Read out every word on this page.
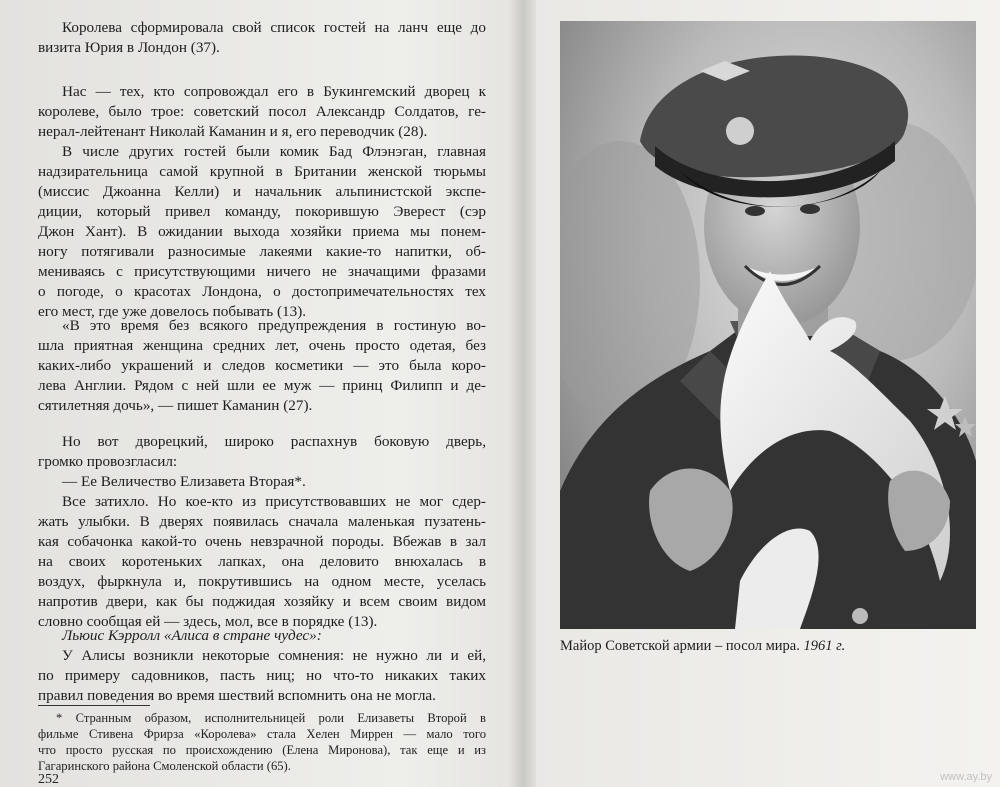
Королева сформировала свой список гостей на ланч еще до
визита Юрия в Лондон (37).
Нас — тех, кто сопровождал его в Букингемский дворец к
королеве, было трое: советский посол Александр Солдатов, ге-
нерал-лейтенант Николай Каманин и я, его переводчик (28).
В числе других гостей были комик Бад Флэнэган, главная
надзирательница самой крупной в Британии женской тюрьмы
(миссис Джоанна Келли) и начальник альпинистской экспе-
диции, который привел команду, покорившую Эверест (сэр
Джон Хант). В ожидании выхода хозяйки приема мы понем-
ногу потягивали разносимые лакеями какие-то напитки, об-
мениваясь с присутствующими ничего не значащими фразами
о погоде, о красотах Лондона, о достопримечательностях тех
его мест, где уже довелось побывать (13).
«В это время без всякого предупреждения в гостиную во-
шла приятная женщина средних лет, очень просто одетая, без
каких-либо украшений и следов косметики — это была коро-
лева Англии. Рядом с ней шли ее муж — принц Филипп и де-
сятилетняя дочь», — пишет Каманин (27).
Но вот дворецкий, широко распахнув боковую дверь,
громко провозгласил:
— Ее Величество Елизавета Вторая*.
Все затихло. Но кое-кто из присутствовавших не мог сдер-
жать улыбки. В дверях появилась сначала маленькая пузатень-
кая собачонка какой-то очень невзрачной породы. Вбежав в зал
на своих коротеньких лапках, она деловито внюхалась в
воздух, фыркнула и, покрутившись на одном месте, уселась
напротив двери, как бы поджидая хозяйку и всем своим видом
словно сообщая ей — здесь, мол, все в порядке (13).
Льюис Кэрролл «Алиса в стране чудес»:
У Алисы возникли некоторые сомнения: не нужно ли и ей,
по примеру садовников, пасть ниц; но что-то никаких таких
правил поведения во время шествий вспомнить она не могла.
* Странным образом, исполнительницей роли Елизаветы Второй в
фильме Стивена Фрирза «Королева» стала Хелен Миррен — мало того
что просто русская по происхождению (Елена Миронова), так еще и из
Гагаринского района Смоленской области (65).
252
Майор Советской армии – посол мира. 1961 г.
www.ay.by
